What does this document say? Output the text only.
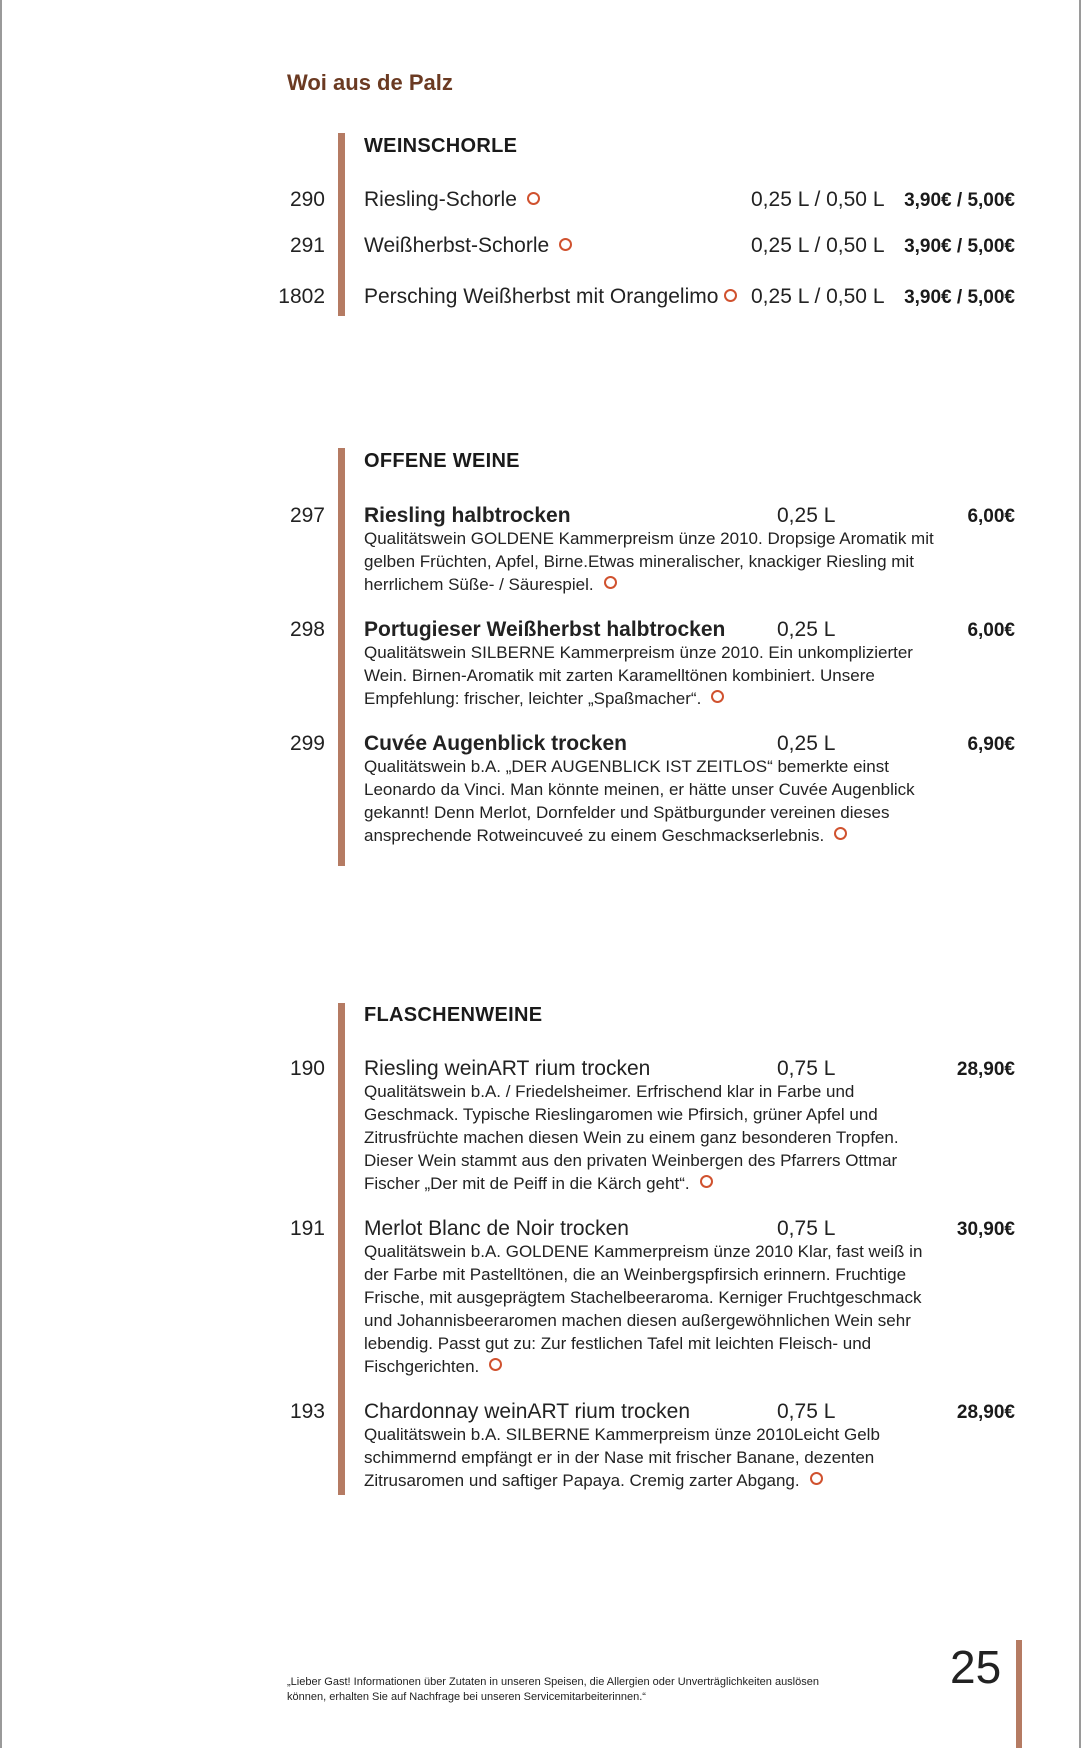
Woi aus de Palz
WEINSCHORLE
290 Riesling-Schorle	0,25 L / 0,50 L 3,90€ / 5,00€
291 Weißherbst-Schorle	0,25 L / 0,50 L 3,90€ / 5,00€
1802 Persching Weißherbst mit Orangelimo	0,25 L / 0,50 L 3,90€ / 5,00€
OFFENE WEINE
297 Riesling halbtrocken	0,25 L	6,00€
Qualitätswein GOLDENE Kammerpreism ünze 2010. Dropsige Aromatik mit gelben Früchten, Apfel, Birne.Etwas mineralischer, knackiger Riesling mit herrlichem Süße- / Säurespiel.
298 Portugieser Weißherbst halbtrocken 0,25 L	6,00€
Qualitätswein SILBERNE Kammerpreism ünze 2010. Ein unkomplizierter Wein. Birnen-Aromatik mit zarten Karamelltönen kombiniert. Unsere Empfehlung: frischer, leichter „Spaßmacher“.
299 Cuvée Augenblick trocken	0,25 L	6,90€
Qualitätswein b.A. „DER AUGENBLICK IST ZEITLOS“ bemerkte einst Leonardo da Vinci. Man könnte meinen, er hätte unser Cuvée Augenblick gekannt! Denn Merlot, Dornfelder und Spätburgunder vereinen dieses ansprechende Rotweincuveé zu einem Geschmackserlebnis.
FLASCHENWEINE
190 Riesling weinART rium trocken	0,75 L	28,90€
Qualitätswein b.A. / Friedelsheimer. Erfrischend klar in Farbe und Geschmack. Typische Rieslingaromen wie Pfirsich, grüner Apfel und Zitrusfrüchte machen diesen Wein zu einem ganz besonderen Tropfen. Dieser Wein stammt aus den privaten Weinbergen des Pfarrers Ottmar Fischer „Der mit de Peiff in die Kärch geht“.
191 Merlot Blanc de Noir trocken	0,75 L	30,90€
Qualitätswein b.A. GOLDENE Kammerpreism ünze 2010 Klar, fast weiß in der Farbe mit Pastelltönen, die an Weinbergspfirsich erinnern. Fruchtige Frische, mit ausgeprägtem Stachelbeeraroma. Kerniger Fruchtgeschmack und Johannisbeeraromen machen diesen außergewöhnlichen Wein sehr lebendig. Passt gut zu: Zur festlichen Tafel mit leichten Fleisch- und Fischgerichten.
193 Chardonnay weinART rium trocken	0,75 L	28,90€
Qualitätswein b.A. SILBERNE Kammerpreism ünze 2010Leicht Gelb schimmernd empfängt er in der Nase mit frischer Banane, dezenten Zitrusaromen und saftiger Papaya. Cremig zarter Abgang.
„Lieber Gast! Informationen über Zutaten in unseren Speisen, die Allergien oder Unverträglichkeiten auslösen können, erhalten Sie auf Nachfrage bei unseren Servicemitarbeiterinnen.“
25
